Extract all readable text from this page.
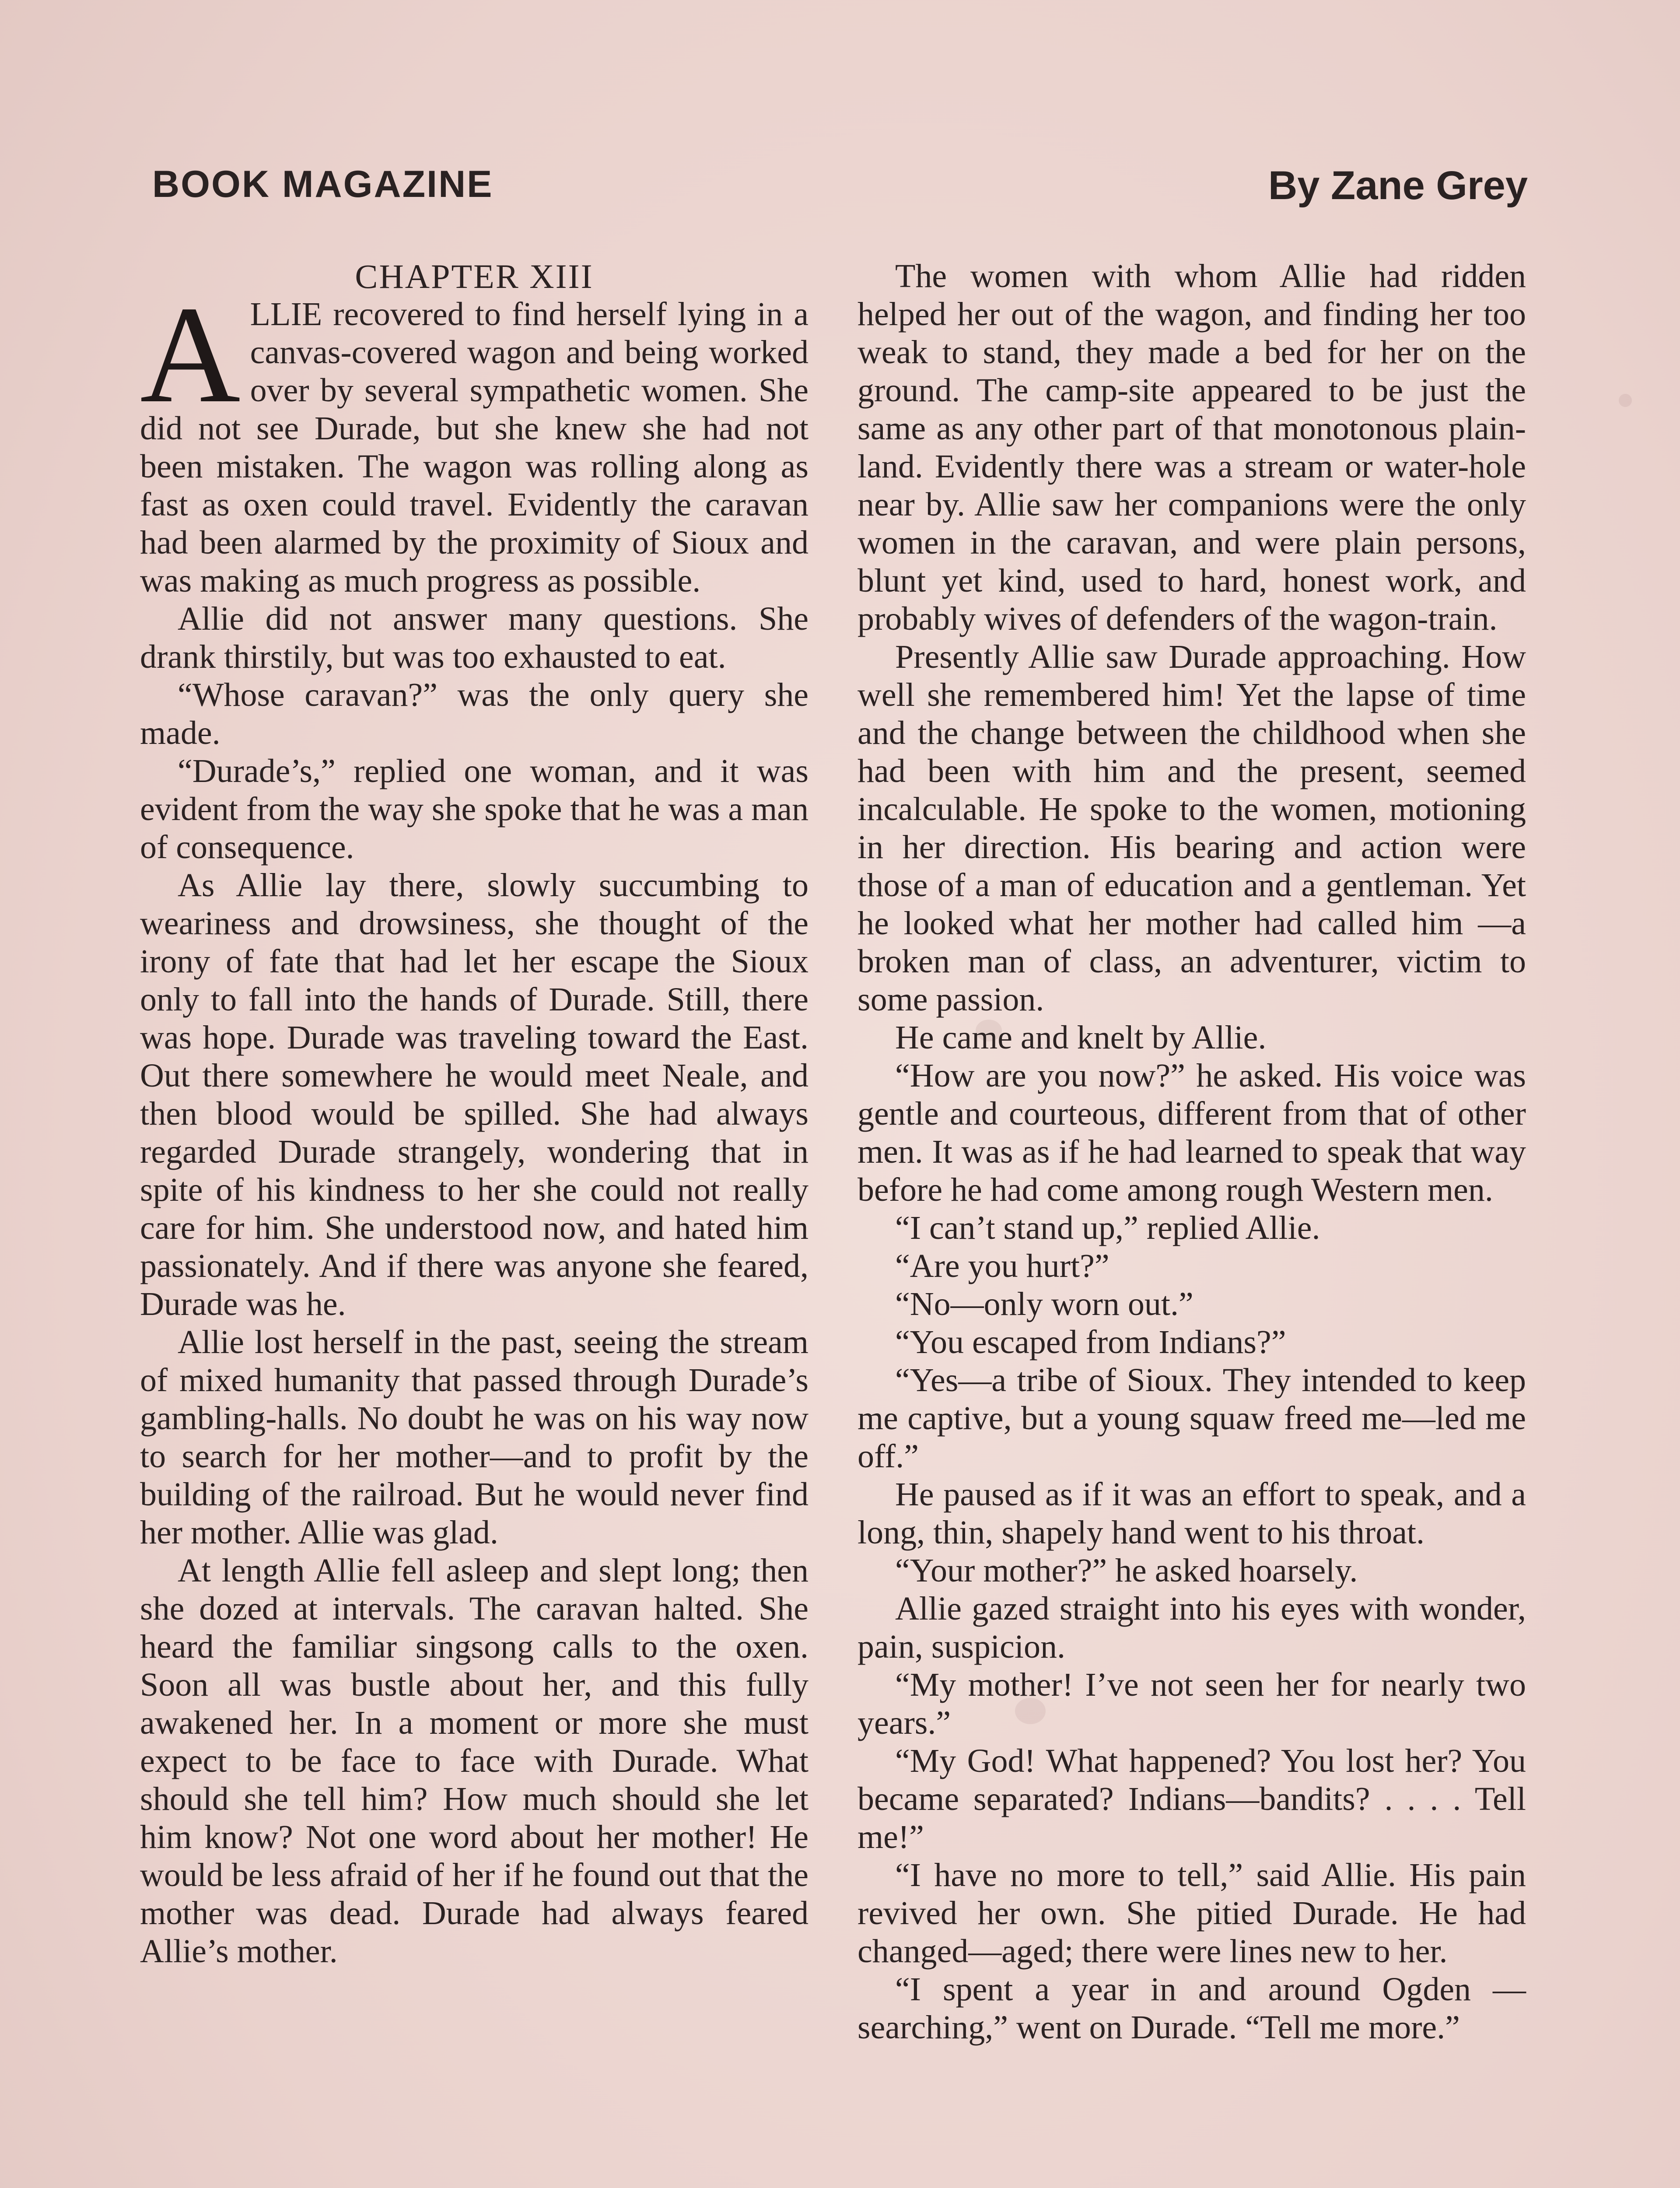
BOOK MAGAZINE	By Zane Grey
CHAPTER XIII

ALLIE recovered to find herself lying in a canvas-covered wagon and being worked over by several sympathetic women. She did not see Durade, but she knew she had not been mistaken. The wagon was rolling along as fast as oxen could travel. Evidently the caravan had been alarmed by the proximity of Sioux and was making as much progress as possible.

Allie did not answer many questions. She drank thirstily, but was too exhausted to eat.

“Whose caravan?” was the only query she made.

“Durade’s,” replied one woman, and it was evident from the way she spoke that he was a man of consequence.

As Allie lay there, slowly succumbing to weariness and drowsiness, she thought of the irony of fate that had let her escape the Sioux only to fall into the hands of Durade. Still, there was hope. Durade was traveling toward the East. Out there somewhere he would meet Neale, and then blood would be spilled. She had always regarded Durade strangely, wondering that in spite of his kindness to her she could not really care for him. She understood now, and hated him passionately. And if there was anyone she feared, Durade was he.

Allie lost herself in the past, seeing the stream of mixed humanity that passed through Durade’s gambling-halls. No doubt he was on his way now to search for her mother—and to profit by the building of the railroad. But he would never find her mother. Allie was glad.

At length Allie fell asleep and slept long; then she dozed at intervals. The caravan halted. She heard the familiar singsong calls to the oxen. Soon all was bustle about her, and this fully awakened her. In a moment or more she must expect to be face to face with Durade. What should she tell him? How much should she let him know? Not one word about her mother! He would be less afraid of her if he found out that the mother was dead. Durade had always feared Allie’s mother.

The women with whom Allie had ridden helped her out of the wagon, and finding her too weak to stand, they made a bed for her on the ground. The camp-site appeared to be just the same as any other part of that monotonous plain-land. Evidently there was a stream or water-hole near by. Allie saw her companions were the only women in the caravan, and were plain persons, blunt yet kind, used to hard, honest work, and probably wives of defenders of the wagon-train.

Presently Allie saw Durade approaching. How well she remembered him! Yet the lapse of time and the change between the childhood when she had been with him and the present, seemed incalculable. He spoke to the women, motioning in her direction. His bearing and action were those of a man of education and a gentleman. Yet he looked what her mother had called him —a broken man of class, an adventurer, victim to some passion.

He came and knelt by Allie.

“How are you now?” he asked. His voice was gentle and courteous, different from that of other men. It was as if he had learned to speak that way before he had come among rough Western men.

“I can’t stand up,” replied Allie.

“Are you hurt?”

“No—only worn out.”

“You escaped from Indians?”

“Yes—a tribe of Sioux. They intended to keep me captive, but a young squaw freed me—led me off.”

He paused as if it was an effort to speak, and a long, thin, shapely hand went to his throat.

“Your mother?” he asked hoarsely.

Allie gazed straight into his eyes with wonder, pain, suspicion.

“My mother! I’ve not seen her for nearly two years.”

“My God! What happened? You lost her? You became separated? Indians—bandits? . . . . Tell me!”

“I have no more to tell,” said Allie. His pain revived her own. She pitied Durade. He had changed—aged; there were lines new to her.

“I spent a year in and around Ogden —searching,” went on Durade. “Tell me more.”
